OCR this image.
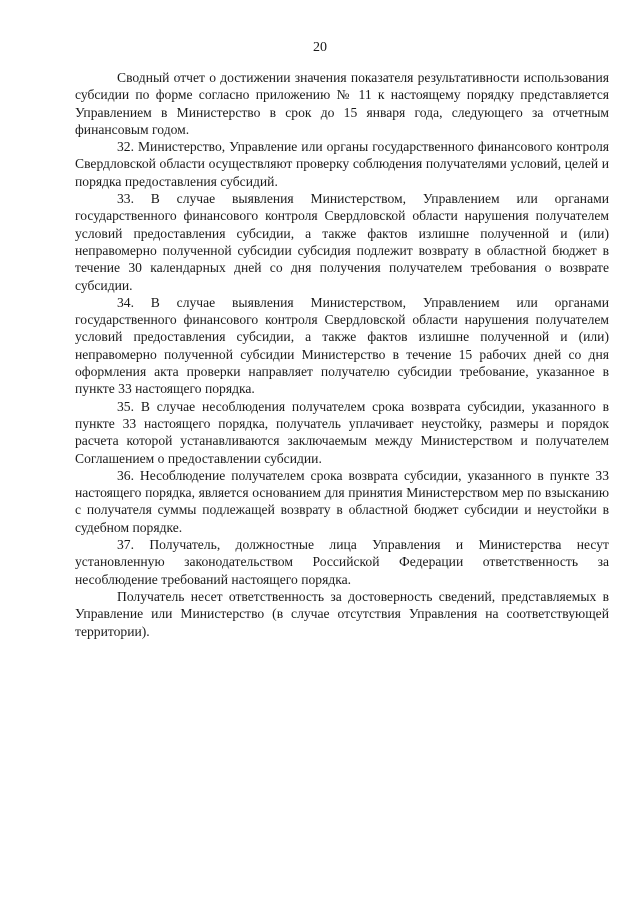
20

Сводный отчет о достижении значения показателя результативности использования субсидии по форме согласно приложению № 11 к настоящему порядку представляется Управлением в Министерство в срок до 15 января года, следующего за отчетным финансовым годом.

32. Министерство, Управление или органы государственного финансового контроля Свердловской области осуществляют проверку соблюдения получателями условий, целей и порядка предоставления субсидий.

33. В случае выявления Министерством, Управлением или органами государственного финансового контроля Свердловской области нарушения получателем условий предоставления субсидии, а также фактов излишне полученной и (или) неправомерно полученной субсидии субсидия подлежит возврату в областной бюджет в течение 30 календарных дней со дня получения получателем требования о возврате субсидии.

34. В случае выявления Министерством, Управлением или органами государственного финансового контроля Свердловской области нарушения получателем условий предоставления субсидии, а также фактов излишне полученной и (или) неправомерно полученной субсидии Министерство в течение 15 рабочих дней со дня оформления акта проверки направляет получателю субсидии требование, указанное в пункте 33 настоящего порядка.

35. В случае несоблюдения получателем срока возврата субсидии, указанного в пункте 33 настоящего порядка, получатель уплачивает неустойку, размеры и порядок расчета которой устанавливаются заключаемым между Министерством и получателем Соглашением о предоставлении субсидии.

36. Несоблюдение получателем срока возврата субсидии, указанного в пункте 33 настоящего порядка, является основанием для принятия Министерством мер по взысканию с получателя суммы подлежащей возврату в областной бюджет субсидии и неустойки в судебном порядке.

37. Получатель, должностные лица Управления и Министерства несут установленную законодательством Российской Федерации ответственность за несоблюдение требований настоящего порядка.

Получатель несет ответственность за достоверность сведений, представляемых в Управление или Министерство (в случае отсутствия Управления на соответствующей территории).
